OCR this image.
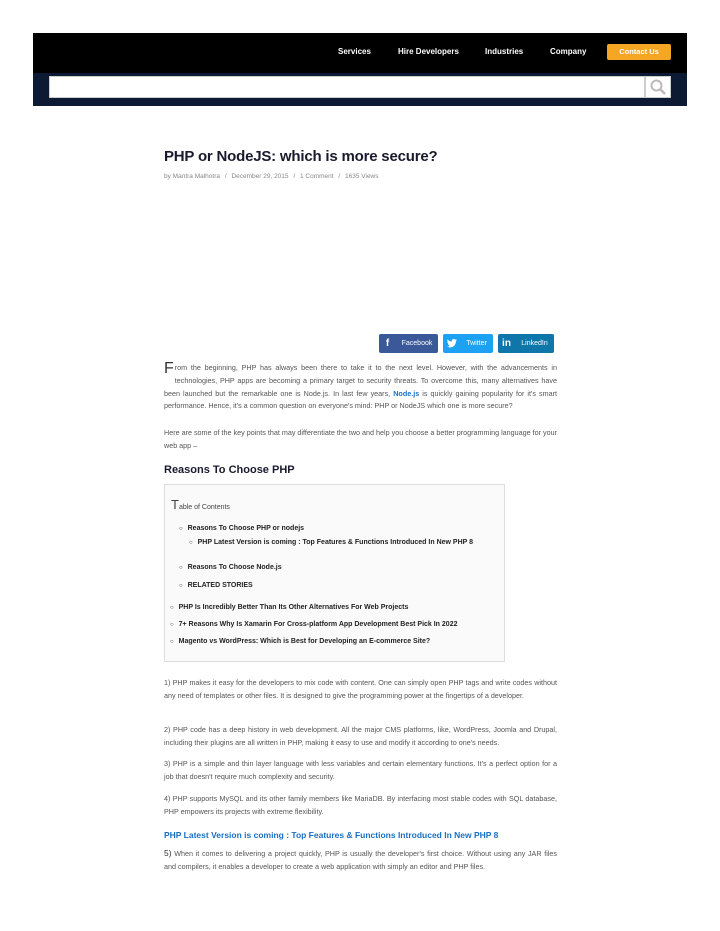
Services	Hire Developers	Industries	Company	Contact Us
PHP or NodeJS: which is more secure?
by Mantra Malhotra / December 29, 2015 / 1 Comment / 1635 Views
f	Facebook	Twitter	in	LinkedIn
From the beginning, PHP has always been there to take it to the next level. However, with the advancements in technologies, PHP apps are becoming a primary target to security threats. To overcome this, many alternatives have been launched but the remarkable one is Node.js. In last few years, Node.js is quickly gaining popularity for it's smart performance. Hence, it's a common question on everyone's mind: PHP or NodeJS which one is more secure?
Here are some of the key points that may differentiate the two and help you choose a better programming language for your web app –
Reasons To Choose PHP
Table of Contents
○ Reasons To Choose PHP or nodejs
○ PHP Latest Version is coming : Top Features & Functions Introduced In New PHP 8
○ Reasons To Choose Node.js
○ RELATED STORIES
○ PHP Is Incredibly Better Than Its Other Alternatives For Web Projects
○ 7+ Reasons Why Is Xamarin For Cross-platform App Development Best Pick In 2022
○ Magento vs WordPress: Which is Best for Developing an E-commerce Site?
1) PHP makes it easy for the developers to mix code with content. One can simply open PHP tags and write codes without any need of templates or other files. It is designed to give the programming power at the fingertips of a developer.
2) PHP code has a deep history in web development. All the major CMS platforms, like, WordPress, Joomla and Drupal, including their plugins are all written in PHP, making it easy to use and modify it according to one's needs.
3) PHP is a simple and thin layer language with less variables and certain elementary functions. It's a perfect option for a job that doesn't require much complexity and security.
4) PHP supports MySQL and its other family members like MariaDB. By interfacing most stable codes with SQL database, PHP empowers its projects with extreme flexibility.
PHP Latest Version is coming : Top Features & Functions Introduced In New PHP 8
5) When it comes to delivering a project quickly, PHP is usually the developer's first choice. Without using any JAR files and compilers, it enables a developer to create a web application with simply an editor and PHP files.
